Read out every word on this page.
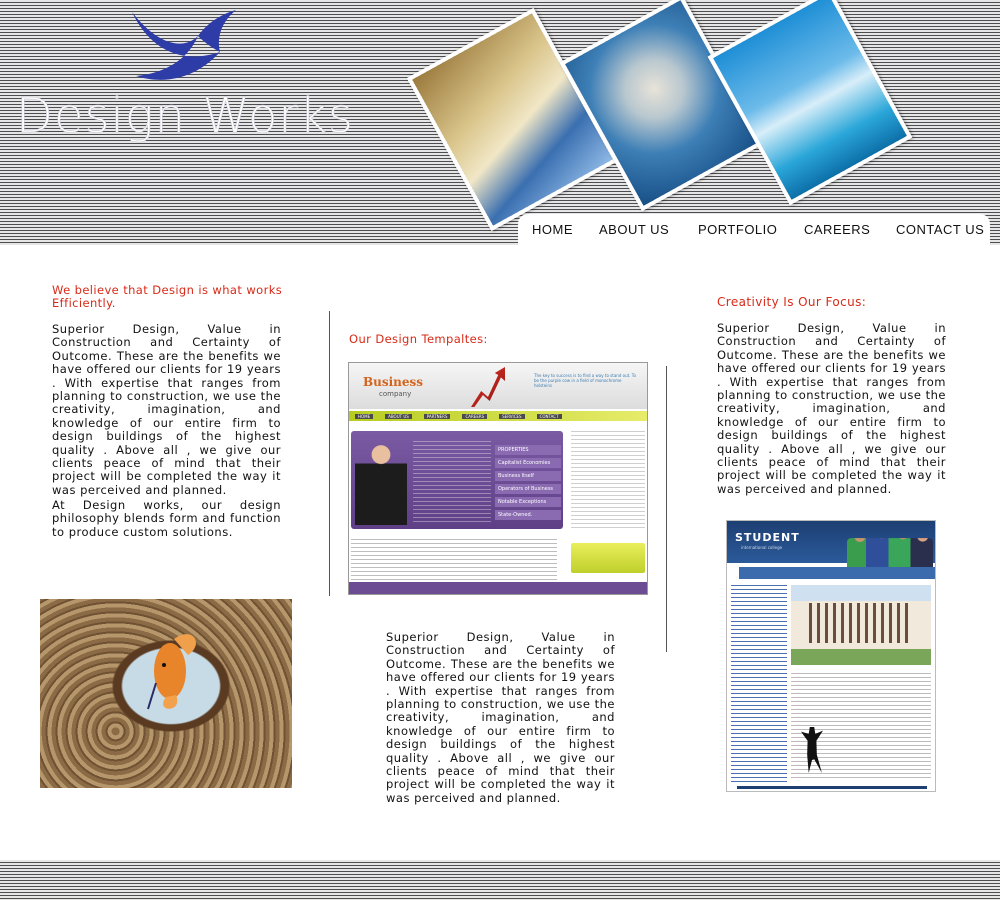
Design Works
HOME ABOUT US PORTFOLIO CAREERS CONTACT US
We believe that Design is what works Efficiently.
Superior Design, Value in Construction and Certainty of Outcome. These are the benefits we have offered our clients for 19 years . With expertise that ranges from planning to construction, we use the creativity, imagination, and knowledge of our entire firm to design buildings of the highest quality . Above all , we give our clients peace of mind that their project will be completed the way it was perceived and planned.
At Design works, our design philosophy blends form and function to produce custom solutions.
Our Design Tempaltes:
Business
company
The key to success is to find a way to stand out. To be the purple cow in a field of monochrome holsteins
HOME	ABOUT US	PARTNERS	CAREERS	SERVICES	CONTACT
PROPERTIES
Capitalist Economies
Business Itself
Operators of Business
Notable Exceptions
State-Owned.
Superior Design, Value in Construction and Certainty of Outcome. These are the benefits we have offered our clients for 19 years . With expertise that ranges from planning to construction, we use the creativity, imagination, and knowledge of our entire firm to design buildings of the highest quality . Above all , we give our clients peace of mind that their project will be completed the way it was perceived and planned.
Creativity Is Our Focus:
Superior Design, Value in Construction and Certainty of Outcome. These are the benefits we have offered our clients for 19 years . With expertise that ranges from planning to construction, we use the creativity, imagination, and knowledge of our entire firm to design buildings of the highest quality . Above all , we give our clients peace of mind that their project will be completed the way it was perceived and planned.
STUDENT
international college
